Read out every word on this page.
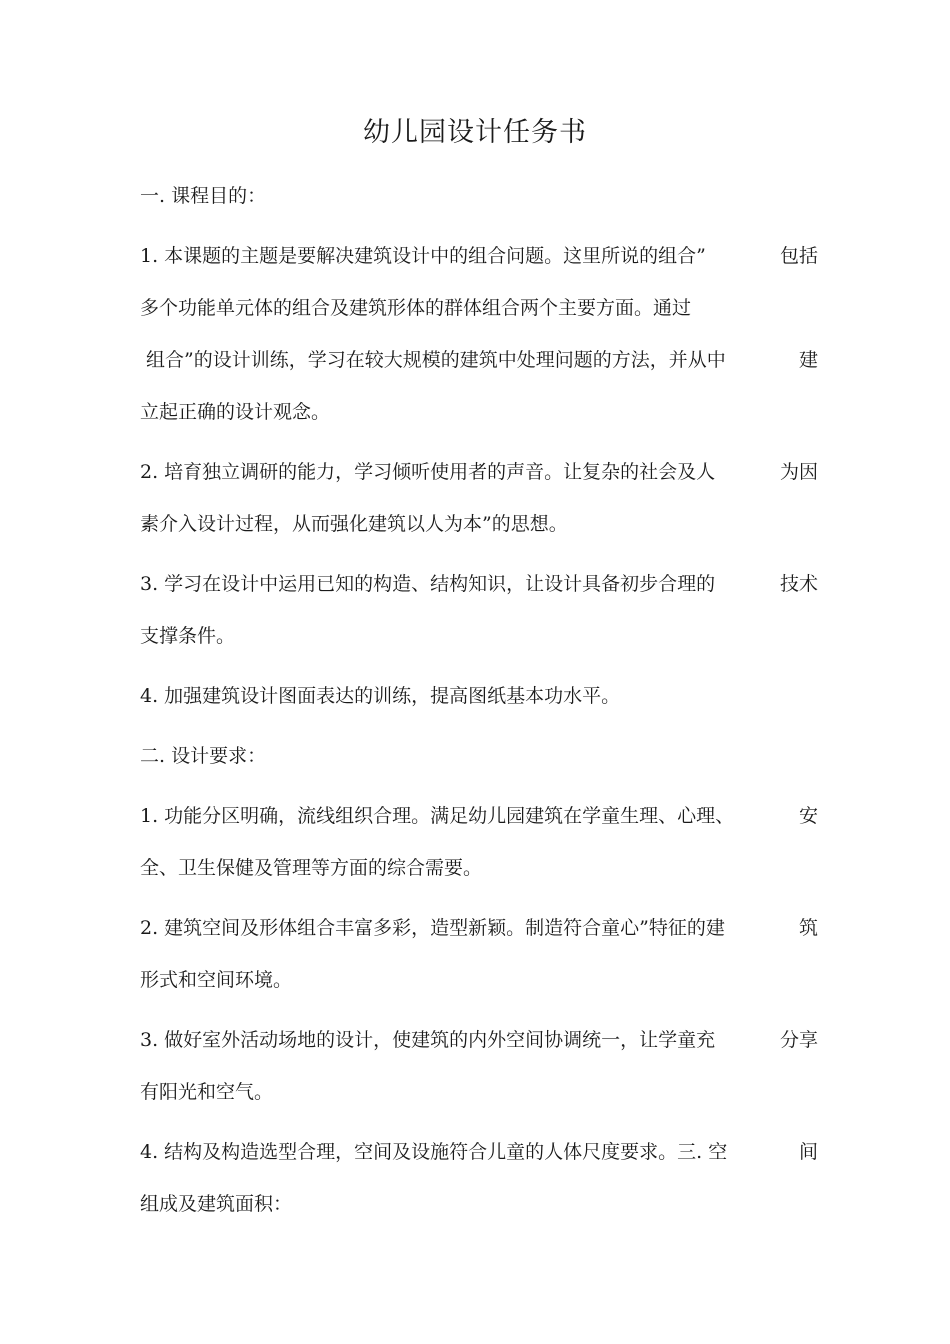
幼儿园设计任务书
一. 课程目的：
1. 本课题的主题是要解决建筑设计中的组合问题。这里所说的组合”	包括
多个功能单元体的组合及建筑形体的群体组合两个主要方面。通过
组合”的设计训练，学习在较大规模的建筑中处理问题的方法，并从中	建
立起正确的设计观念。
2. 培育独立调研的能力，学习倾听使用者的声音。让复杂的社会及人	为因
素介入设计过程，从而强化建筑以人为本”的思想。
3. 学习在设计中运用已知的构造、结构知识，让设计具备初步合理的	技术
支撑条件。
4. 加强建筑设计图面表达的训练，提高图纸基本功水平。
二. 设计要求：
1. 功能分区明确，流线组织合理。满足幼儿园建筑在学童生理、心理、	安
全、卫生保健及管理等方面的综合需要。
2. 建筑空间及形体组合丰富多彩，造型新颖。制造符合童心”特征的建	筑
形式和空间环境。
3. 做好室外活动场地的设计，使建筑的内外空间协调统一，让学童充	分享
有阳光和空气。
4. 结构及构造选型合理，空间及设施符合儿童的人体尺度要求。三. 空	间
组成及建筑面积：
